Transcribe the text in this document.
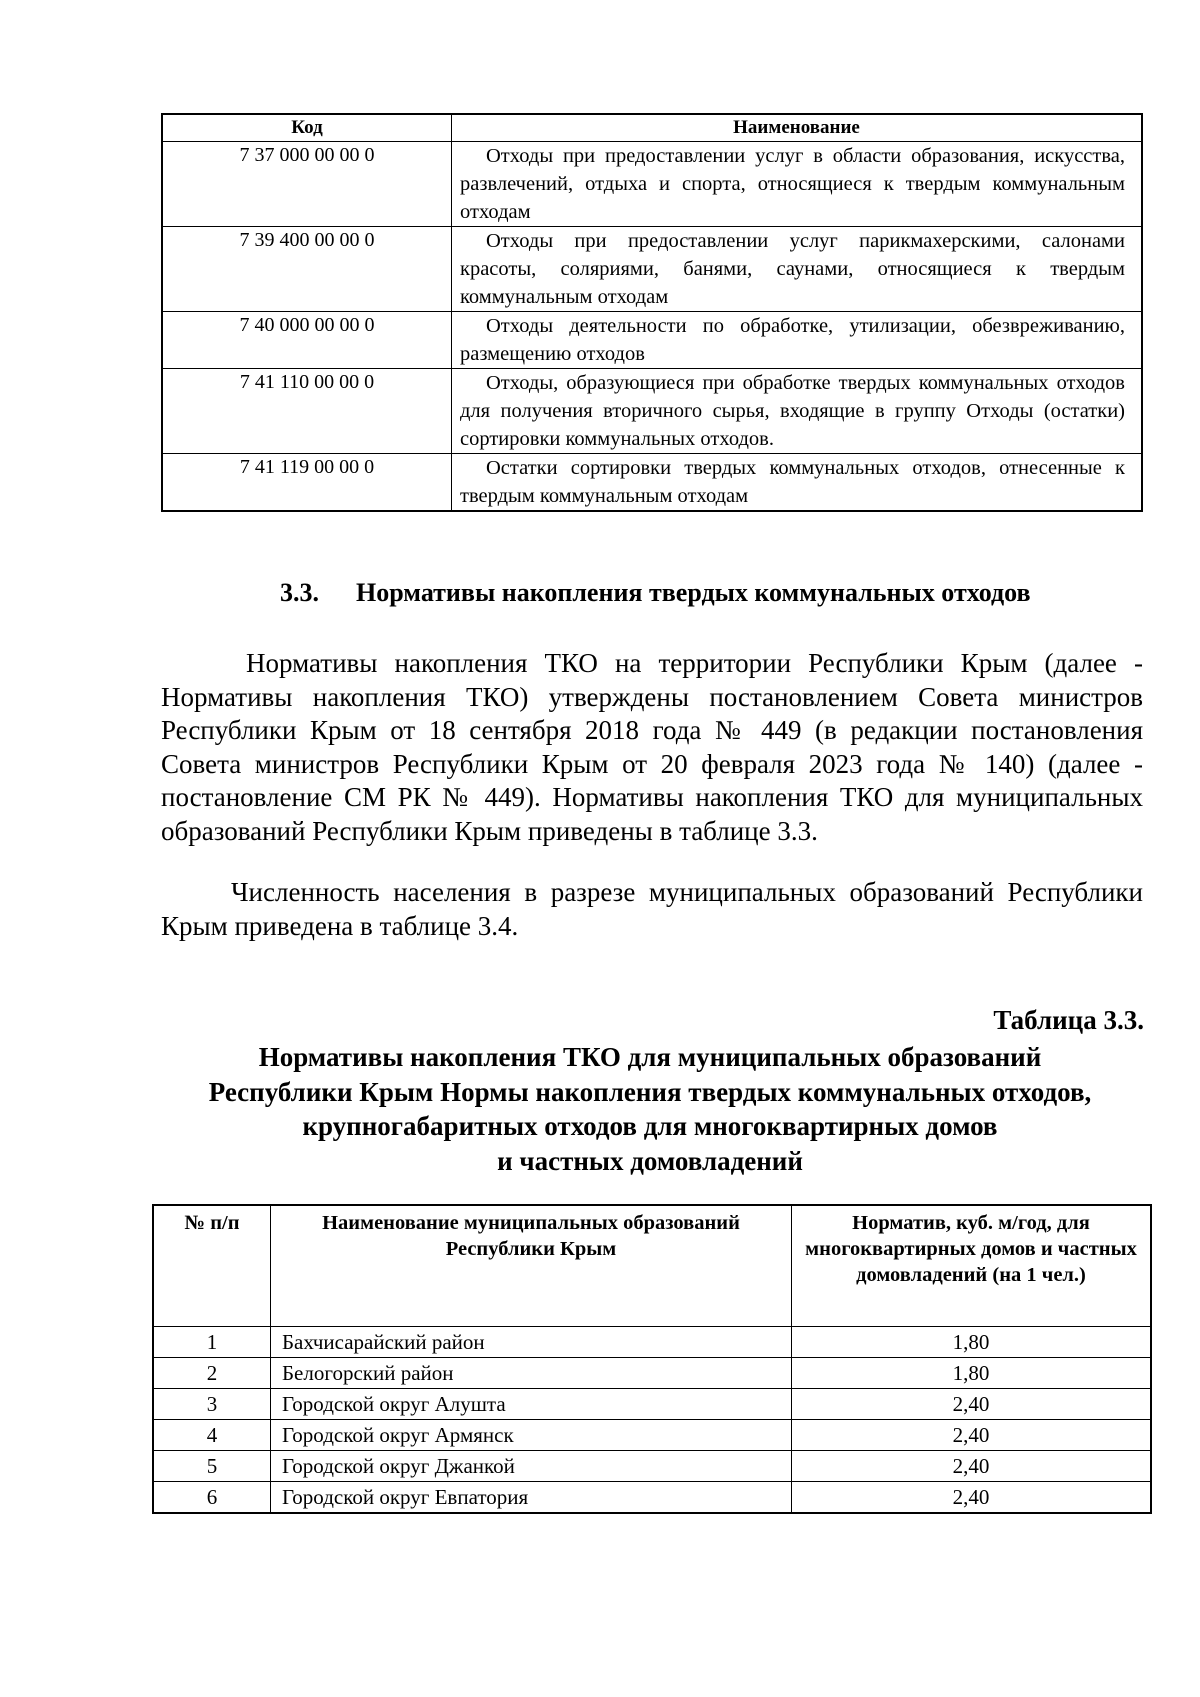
Код	Наименование
7 37 000 00 00 0	Отходы при предоставлении услуг в области образования, искусства, развлечений, отдыха и спорта, относящиеся к твердым коммунальным отходам
7 39 400 00 00 0	Отходы при предоставлении услуг парикмахерскими, салонами красоты, соляриями, банями, саунами, относящиеся к твердым коммунальным отходам
7 40 000 00 00 0	Отходы деятельности по обработке, утилизации, обезвреживанию, размещению отходов
7 41 110 00 00 0	Отходы, образующиеся при обработке твердых коммунальных отходов для получения вторичного сырья, входящие в группу Отходы (остатки) сортировки коммунальных отходов.
7 41 119 00 00 0	Остатки сортировки твердых коммунальных отходов, отнесенные к твердым коммунальным отходам
3.3. Нормативы накопления твердых коммунальных отходов

Нормативы накопления ТКО на территории Республики Крым (далее - Нормативы накопления ТКО) утверждены постановлением Совета министров Республики Крым от 18 сентября 2018 года № 449 (в редакции постановления Совета министров Республики Крым от 20 февраля 2023 года № 140) (далее - постановление СМ РК № 449). Нормативы накопления ТКО для муниципальных образований Республики Крым приведены в таблице 3.3.

Численность населения в разрезе муниципальных образований Республики Крым приведена в таблице 3.4.

Таблица 3.3.
Нормативы накопления ТКО для муниципальных образований
Республики Крым Нормы накопления твердых коммунальных отходов,
крупногабаритных отходов для многоквартирных домов
и частных домовладений
№ п/п	Наименование муниципальных образований Республики Крым	Норматив, куб. м/год, для многоквартирных домов и частных домовладений (на 1 чел.)
1	Бахчисарайский район	1,80
2	Белогорский район	1,80
3	Городской округ Алушта	2,40
4	Городской округ Армянск	2,40
5	Городской округ Джанкой	2,40
6	Городской округ Евпатория	2,40
